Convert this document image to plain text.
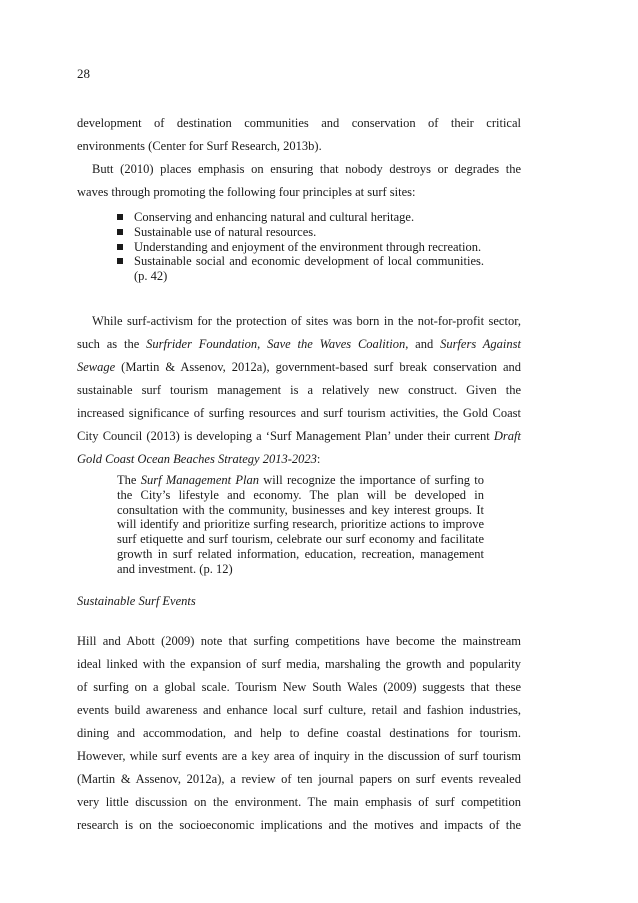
28
development of destination communities and conservation of their critical
environments (Center for Surf Research, 2013b).
Butt (2010) places emphasis on ensuring that nobody destroys or degrades the
waves through promoting the following four principles at surf sites:
Conserving and enhancing natural and cultural heritage.
Sustainable use of natural resources.
Understanding and enjoyment of the environment through recreation.
Sustainable social and economic development of local communities. (p. 42)
While surf-activism for the protection of sites was born in the not-for-profit sector,
such as the Surfrider Foundation, Save the Waves Coalition, and Surfers Against
Sewage (Martin & Assenov, 2012a), government-based surf break conservation and
sustainable surf tourism management is a relatively new construct. Given the
increased significance of surfing resources and surf tourism activities, the Gold Coast
City Council (2013) is developing a ‘Surf Management Plan’ under their current Draft
Gold Coast Ocean Beaches Strategy 2013-2023:
The Surf Management Plan will recognize the importance of surfing to the City’s lifestyle and economy. The plan will be developed in consultation with the community, businesses and key interest groups. It will identify and prioritize surfing research, prioritize actions to improve surf etiquette and surf tourism, celebrate our surf economy and facilitate growth in surf related information, education, recreation, management and investment. (p. 12)
Sustainable Surf Events
Hill and Abott (2009) note that surfing competitions have become the mainstream
ideal linked with the expansion of surf media, marshaling the growth and popularity
of surfing on a global scale. Tourism New South Wales (2009) suggests that these
events build awareness and enhance local surf culture, retail and fashion industries,
dining and accommodation, and help to define coastal destinations for tourism.
However, while surf events are a key area of inquiry in the discussion of surf tourism
(Martin & Assenov, 2012a), a review of ten journal papers on surf events revealed
very little discussion on the environment. The main emphasis of surf competition
research is on the socioeconomic implications and the motives and impacts of the
